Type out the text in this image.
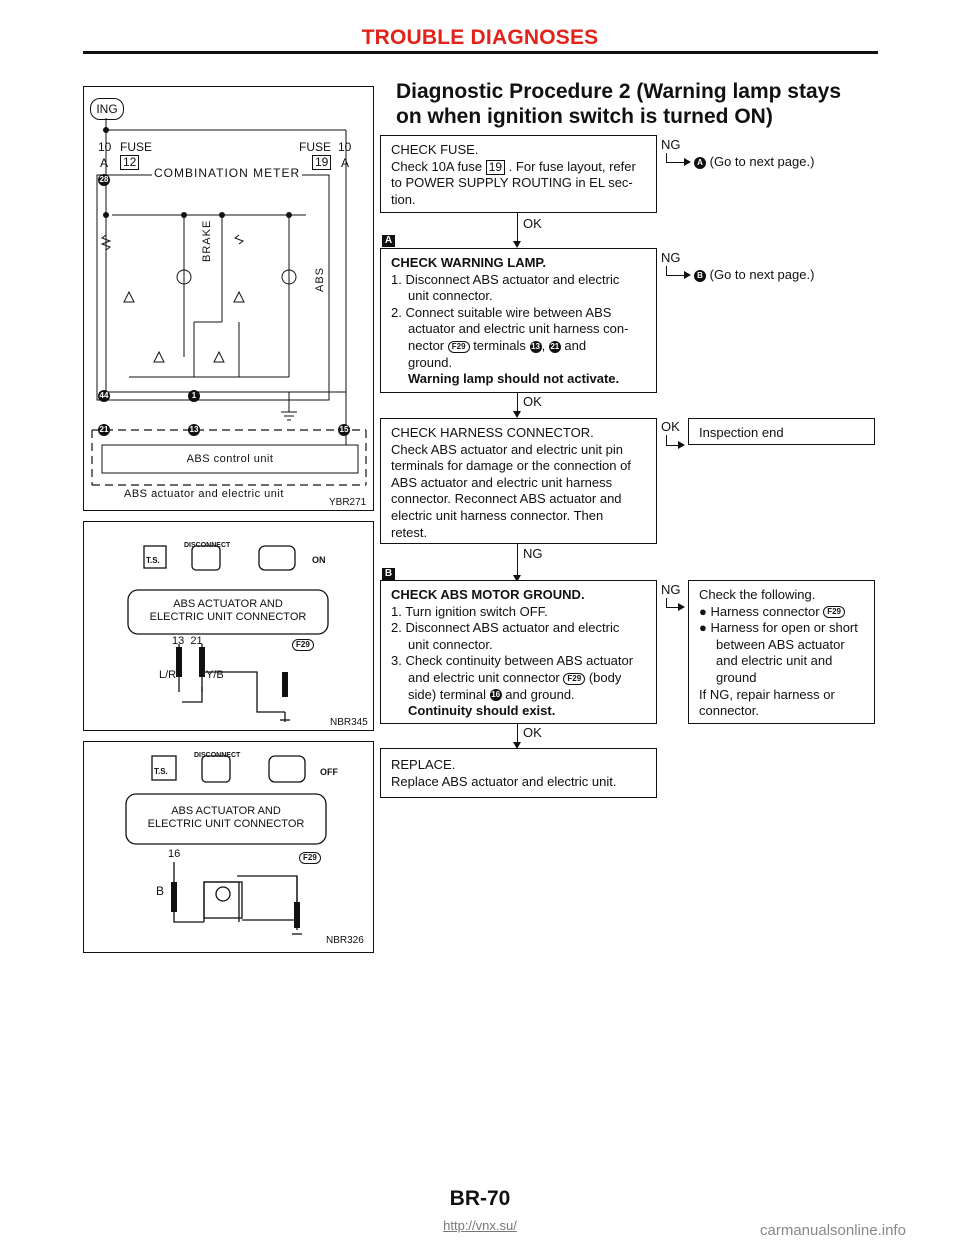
TROUBLE DIAGNOSES
ING
10
A
FUSE
12
FUSE
19
10
A
COMBINATION METER
BRAKE
ABS
28
44	1
21	13	15
ABS control unit
ABS actuator and electric unit
YBR271
DISCONNECT
T.S.	ON
ABS ACTUATOR AND
ELECTRIC UNIT CONNECTOR
13  21	F29
L/R	Y/B
NBR345
DISCONNECT
T.S.	OFF
ABS ACTUATOR AND
ELECTRIC UNIT CONNECTOR
16	F29
B
NBR326
Diagnostic Procedure 2 (Warning lamp stays
on when ignition switch is turned ON)
CHECK FUSE.
Check 10A fuse 19 . For fuse layout, refer
to POWER SUPPLY ROUTING in EL sec-
tion.
NG
A (Go to next page.)
OK
A
CHECK WARNING LAMP.
1. Disconnect ABS actuator and electric
unit connector.
2. Connect suitable wire between ABS
actuator and electric unit harness con-
nector F29 terminals 13 , 21 and
ground.
Warning lamp should not activate.
NG
B (Go to next page.)
OK
CHECK HARNESS CONNECTOR.
Check ABS actuator and electric unit pin
terminals for damage or the connection of
ABS actuator and electric unit harness
connector. Reconnect ABS actuator and
electric unit harness connector. Then
retest.
OK	Inspection end
NG
B
CHECK ABS MOTOR GROUND.
1. Turn ignition switch OFF.
2. Disconnect ABS actuator and electric
unit connector.
3. Check continuity between ABS actuator
and electric unit connector F29 (body
side) terminal 16 and ground.
Continuity should exist.
NG Check the following.
● Harness connector F29
● Harness for open or short
between ABS actuator
and electric unit and
ground
If NG, repair harness or
connector.
OK
REPLACE.
Replace ABS actuator and electric unit.
BR-70
http://vnx.su/	carmanualsonline.info
